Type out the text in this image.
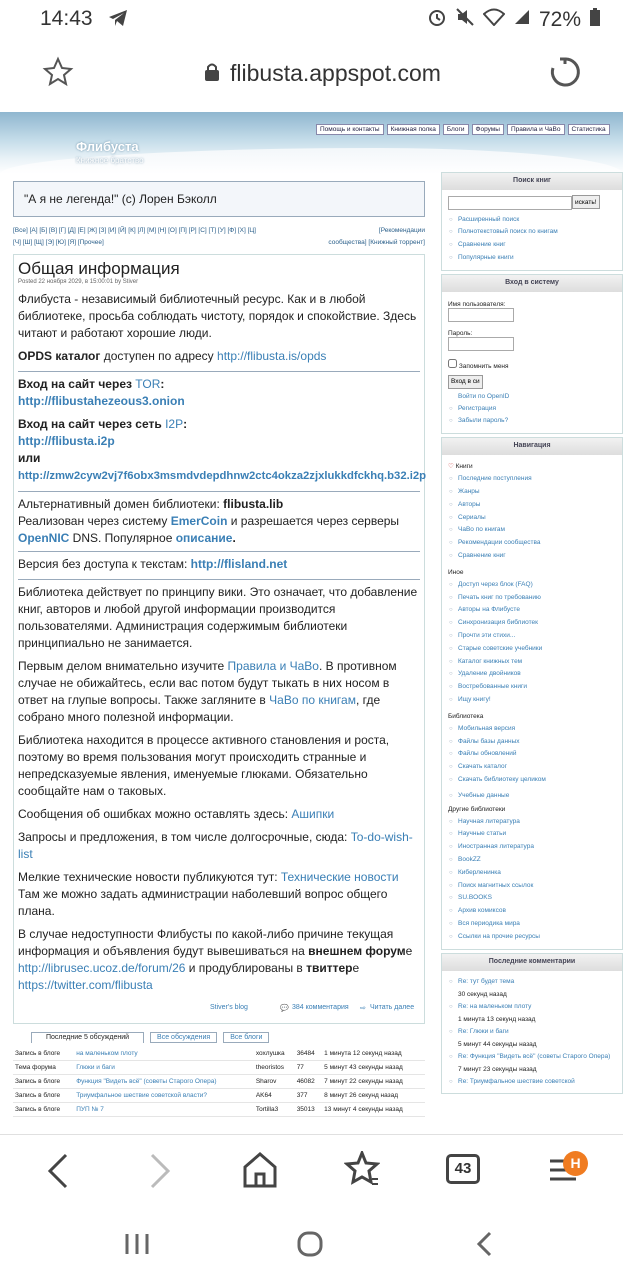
14:43	72%
flibusta.appspot.com
Флибуста
Книжное братство
Помощь и контакты	Книжная полка	Блоги	Форумы	Правила и ЧаВо	Статистика
"А я не легенда!" (с) Лорен Бэколл
[Все] [А] [Б] [В] [Г] [Д] [Е] [Ж] [З] [И] [Й] [К] [Л] [М] [Н] [О] [П] [Р] [С] [Т] [У] [Ф] [Х] [Ц]
[Ч] [Ш] [Щ] [Э] [Ю] [Я] [Прочее]
[Рекомендации
сообщества] [Книжный торрент]
Общая информация
Posted 22 ноября 2029, в 15:00:01 by Stiver

Флибуста - независимый библиотечный ресурс. Как и в любой библиотеке, просьба соблюдать чистоту, порядок и спокойствие. Здесь читают и работают хорошие люди.

OPDS каталог доступен по адресу http://flibusta.is/opds

Вход на сайт через TOR:
http://flibustahezeous3.onion

Вход на сайт через сеть I2P:
http://flibusta.i2p
или
http://zmw2cyw2vj7f6obx3msmdvdepdhnw2ctc4okza2zjxlukkdfckhq.b32.i2p

Альтернативный домен библиотеки: flibusta.lib
Реализован через систему EmerCoin и разрешается через серверы OpenNIC DNS. Популярное описание.

Версия без доступа к текстам: http://flisland.net

Библиотека действует по принципу вики. Это означает, что добавление книг, авторов и любой другой информации производится пользователями. Администрация содержимым библиотеки принципиально не занимается.

Первым делом внимательно изучите Правила и ЧаВо. В противном случае не обижайтесь, если вас потом будут тыкать в них носом в ответ на глупые вопросы. Также загляните в ЧаВо по книгам, где собрано много полезной информации.

Библиотека находится в процессе активного становления и роста, поэтому во время пользования могут происходить странные и непредсказуемые явления, именуемые глюками. Обязательно сообщайте нам о таковых.

Сообщения об ошибках можно оставлять здесь: Ашипки

Запросы и предложения, в том числе долгосрочные, сюда: To-do-wish-list

Мелкие технические новости публикуются тут: Технические новости Там же можно задать администрации наболевший вопрос общего плана.

В случае недоступности Флибусты по какой-либо причине текущая информация и объявления будут вывешиваться на внешнем форуме http://librusec.ucoz.de/forum/26 и продублированы в твиттере https://twitter.com/flibusta

Stiver's blog	💬 384 комментария ⇨ Читать далее
Последние 5 обсуждений	Все обсуждения	Все блоги
Запись в блоге	на маленьком плоту	хохлушка	36484	1 минута 12 секунд назад
Тема форума	Глюки и баги	theoristos	77	5 минут 43 секунды назад
Запись в блоге	Функция "Видеть всё" (советы Старого Опера)	Sharov	46082	7 минут 22 секунды назад
Запись в блоге	Триумфальное шествие советской власти?	AK64	377	8 минут 26 секунд назад
Запись в блоге	ПУП № 7	Tortilla3	35013	13 минут 4 секунды назад
Поиск книг
искать!
○ Расширенный поиск
○ Полнотекстовый поиск по книгам
○ Сравнение книг
○ Популярные книги
Вход в систему
Имя пользователя:
Пароль:
Запомнить меня
Вход в си
Войти по OpenID
○ Регистрация
○ Забыли пароль?
Навигация
♡ Книги
○ Последние поступления
○ Жанры
○ Авторы
○ Сериалы
○ ЧаВо по книгам
○ Рекомендации сообщества
○ Сравнение книг
Иное
○ Доступ через блок (FAQ)
○ Печать книг по требованию
○ Авторы на Флибусте
○ Синхронизация библиотек
○ Прочти эти стихи...
○ Старые советские учебники
○ Каталог книжных тем
○ Удаление двойников
○ Востребованные книги
○ Ищу книгу!
Библиотека
○ Мобильная версия
○ Файлы базы данных
○ Файлы обновлений
○ Скачать каталог
○ Скачать библиотеку целиком
○ Учебные данные
Другие библиотеки
○ Научная литература
○ Научные статьи
○ Иностранная литература
○ BookZZ
○ Киберленинка
○ Поиск магнитных ссылок
○ SU.BOOKS
○ Архив комиксов
○ Вся периодика мира
○ Ссылки на прочие ресурсы
Последние комментарии
○ Re: тут будет тема
30 секунд назад
○ Re: на маленьком плоту
1 минута 13 секунд назад
○ Re: Глюки и баги
5 минут 44 секунды назад
○ Re: Функция "Видеть всё" (советы Старого Опера)
7 минут 23 секунды назад
○ Re: Триумфальное шествие советской
43	H
